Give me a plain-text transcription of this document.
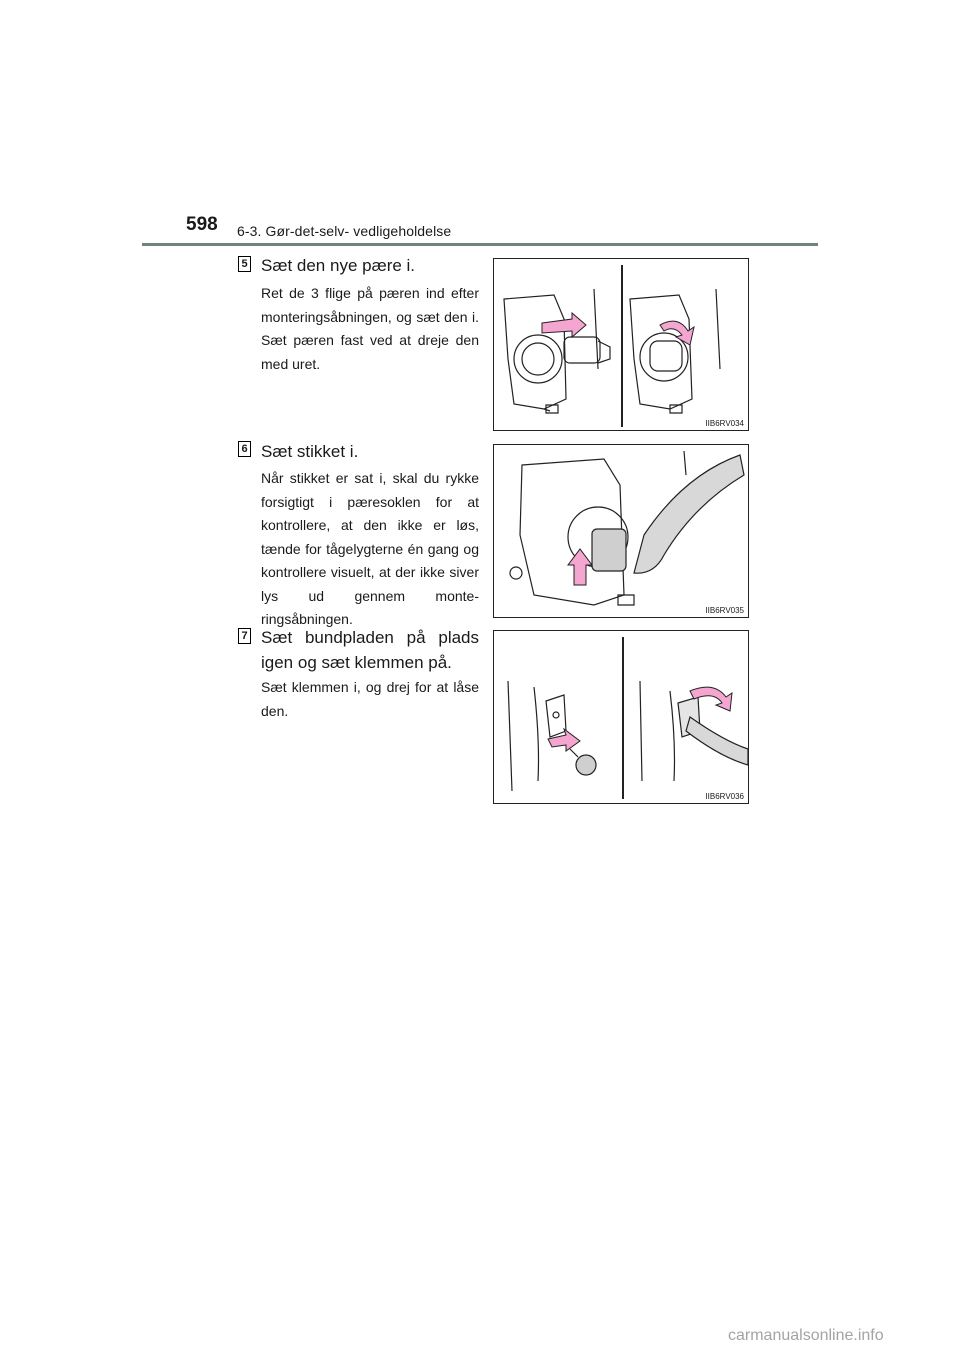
598 6-3. Gør-det-selv- vedligeholdelse
5 Sæt den nye pære i.
Ret de 3 flige på pæren ind efter monteringsåbningen, og sæt den i. Sæt pæren fast ved at dreje den med uret.
IIB6RV034
6 Sæt stikket i.
Når stikket er sat i, skal du rykke forsigtigt i pæresoklen for at kontrollere, at den ikke er løs, tænde for tågelygterne én gang og kontrollere visuelt, at der ikke siver lys ud gennem monte- ringsåbningen.
IIB6RV035
7 Sæt bundpladen på plads igen og sæt klemmen på.
Sæt klemmen i, og drej for at låse den.
IIB6RV036
carmanualsonline.info
